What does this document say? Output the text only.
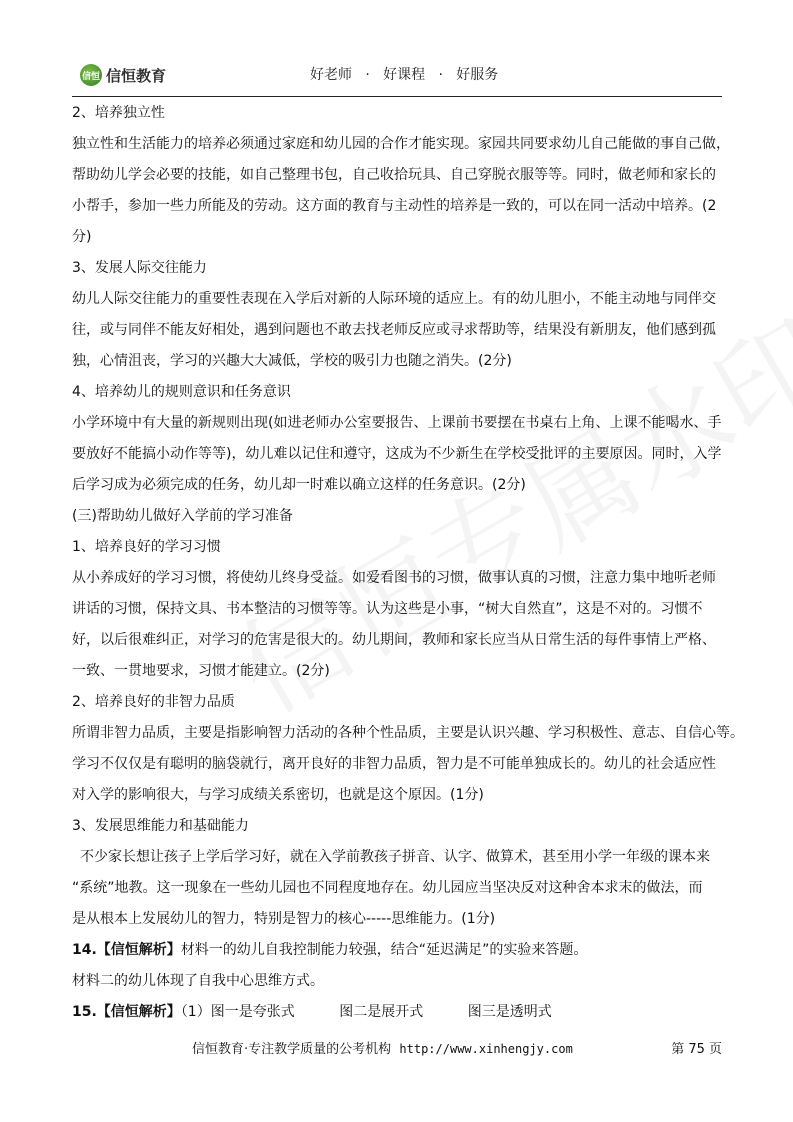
信恒 信恒教育	好老师   ·   好课程   ·   好服务
2、培养独立性
独立性和生活能力的培养必须通过家庭和幼儿园的合作才能实现。家园共同要求幼儿自己能做的事自己做，
帮助幼儿学会必要的技能，如自己整理书包，自己收拾玩具、自己穿脱衣服等等。同时，做老师和家长的
小帮手，参加一些力所能及的劳动。这方面的教育与主动性的培养是一致的，可以在同一活动中培养。(2
分)
3、发展人际交往能力
幼儿人际交往能力的重要性表现在入学后对新的人际环境的适应上。有的幼儿胆小，不能主动地与同伴交
往，或与同伴不能友好相处，遇到问题也不敢去找老师反应或寻求帮助等，结果没有新朋友，他们感到孤
独，心情沮丧，学习的兴趣大大减低，学校的吸引力也随之消失。(2分)
4、培养幼儿的规则意识和任务意识
小学环境中有大量的新规则出现(如进老师办公室要报告、上课前书要摆在书桌右上角、上课不能喝水、手
要放好不能搞小动作等等)，幼儿难以记住和遵守，这成为不少新生在学校受批评的主要原因。同时，入学
后学习成为必须完成的任务，幼儿却一时难以确立这样的任务意识。(2分)
(三)帮助幼儿做好入学前的学习准备
1、培养良好的学习习惯
从小养成好的学习习惯，将使幼儿终身受益。如爱看图书的习惯，做事认真的习惯，注意力集中地听老师
讲话的习惯，保持文具、书本整洁的习惯等等。认为这些是小事，“树大自然直”，这是不对的。习惯不
好，以后很难纠正，对学习的危害是很大的。幼儿期间，教师和家长应当从日常生活的每件事情上严格、
一致、一贯地要求，习惯才能建立。(2分)
2、培养良好的非智力品质
所谓非智力品质，主要是指影响智力活动的各种个性品质，主要是认识兴趣、学习积极性、意志、自信心等。
学习不仅仅是有聪明的脑袋就行，离开良好的非智力品质，智力是不可能单独成长的。幼儿的社会适应性
对入学的影响很大，与学习成绩关系密切，也就是这个原因。(1分)
3、发展思维能力和基础能力
不少家长想让孩子上学后学习好，就在入学前教孩子拼音、认字、做算术，甚至用小学一年级的课本来
“系统”地教。这一现象在一些幼儿园也不同程度地存在。幼儿园应当坚决反对这种舍本求末的做法，而
是从根本上发展幼儿的智力，特别是智力的核心-----思维能力。(1分)
14.【信恒解析】材料一的幼儿自我控制能力较强，结合“延迟满足”的实验来答题。
材料二的幼儿体现了自我中心思维方式。
15.【信恒解析】（1）图一是夸张式          图二是展开式          图三是透明式
信恒教育·专注教学质量的公考机构 http://www.xinhengjy.com	第 75 页
